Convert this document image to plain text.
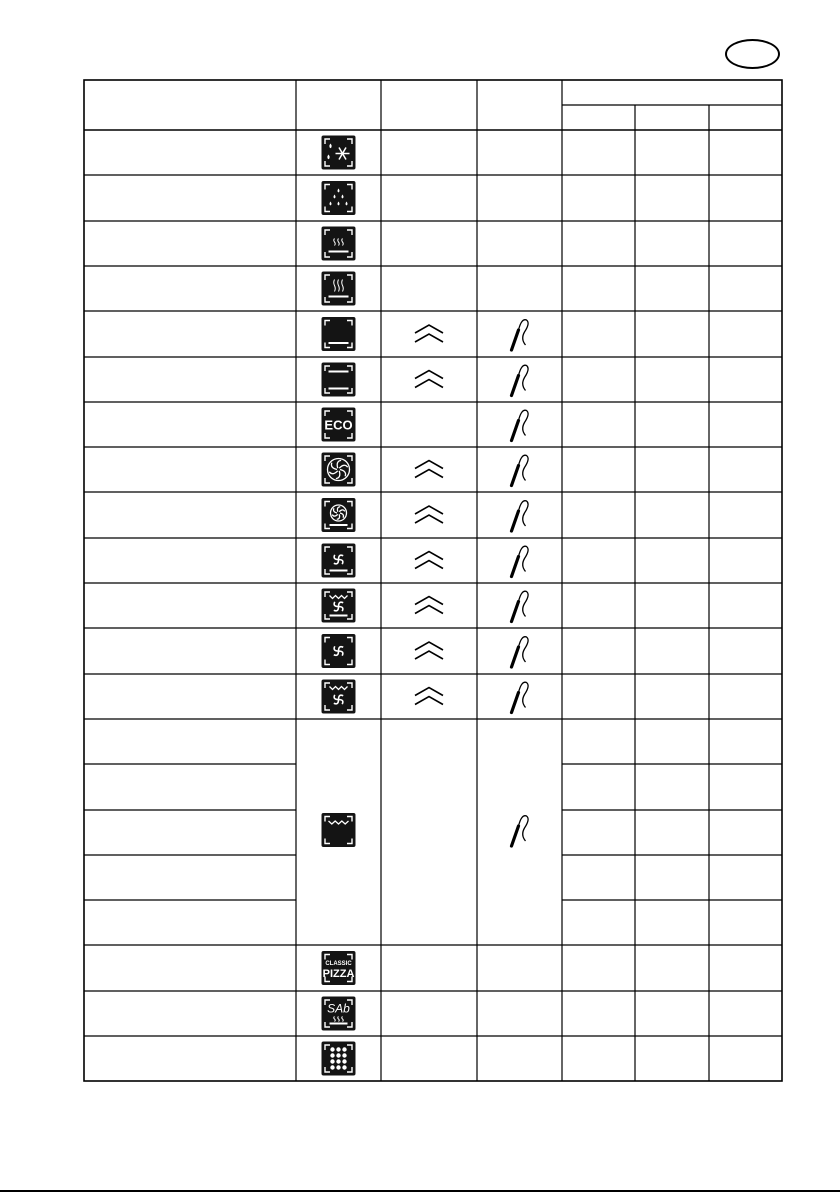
ECO
CLASSIC
PIZZA
SAb
